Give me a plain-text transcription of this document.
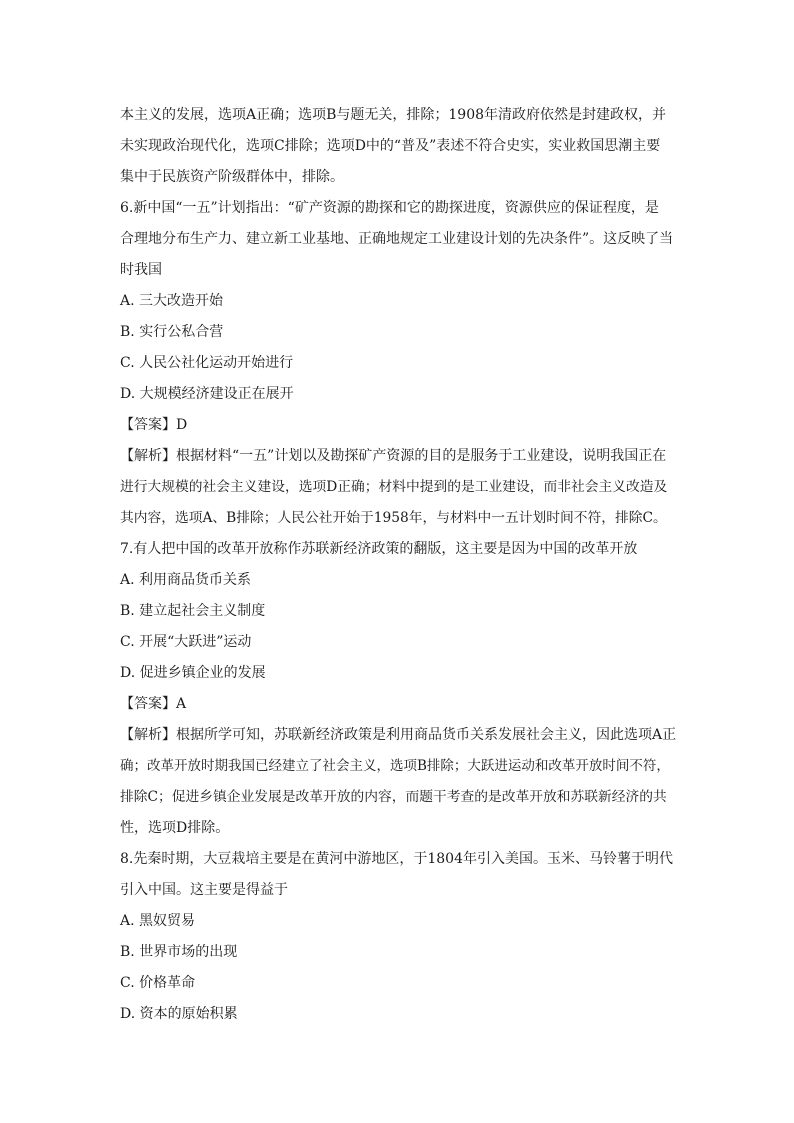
本主义的发展，选项A正确；选项B与题无关，排除；1908年清政府依然是封建政权，并
未实现政治现代化，选项C排除；选项D中的“普及”表述不符合史实，实业救国思潮主要
集中于民族资产阶级群体中，排除。
6.新中国“一五”计划指出：“矿产资源的勘探和它的勘探进度，资源供应的保证程度，是
合理地分布生产力、建立新工业基地、正确地规定工业建设计划的先决条件”。这反映了当
时我国
A. 三大改造开始
B. 实行公私合营
C. 人民公社化运动开始进行
D. 大规模经济建设正在展开
【答案】D
【解析】根据材料“一五”计划以及勘探矿产资源的目的是服务于工业建设，说明我国正在
进行大规模的社会主义建设，选项D正确；材料中提到的是工业建设，而非社会主义改造及
其内容，选项A、B排除；人民公社开始于1958年，与材料中一五计划时间不符，排除C。
7.有人把中国的改革开放称作苏联新经济政策的翻版，这主要是因为中国的改革开放
A. 利用商品货币关系
B. 建立起社会主义制度
C. 开展“大跃进”运动
D. 促进乡镇企业的发展
【答案】A
【解析】根据所学可知，苏联新经济政策是利用商品货币关系发展社会主义，因此选项A正
确；改革开放时期我国已经建立了社会主义，选项B排除；大跃进运动和改革开放时间不符，
排除C；促进乡镇企业发展是改革开放的内容，而题干考查的是改革开放和苏联新经济的共
性，选项D排除。
8.先秦时期，大豆栽培主要是在黄河中游地区，于1804年引入美国。玉米、马铃薯于明代
引入中国。这主要是得益于
A. 黑奴贸易
B. 世界市场的出现
C. 价格革命
D. 资本的原始积累
